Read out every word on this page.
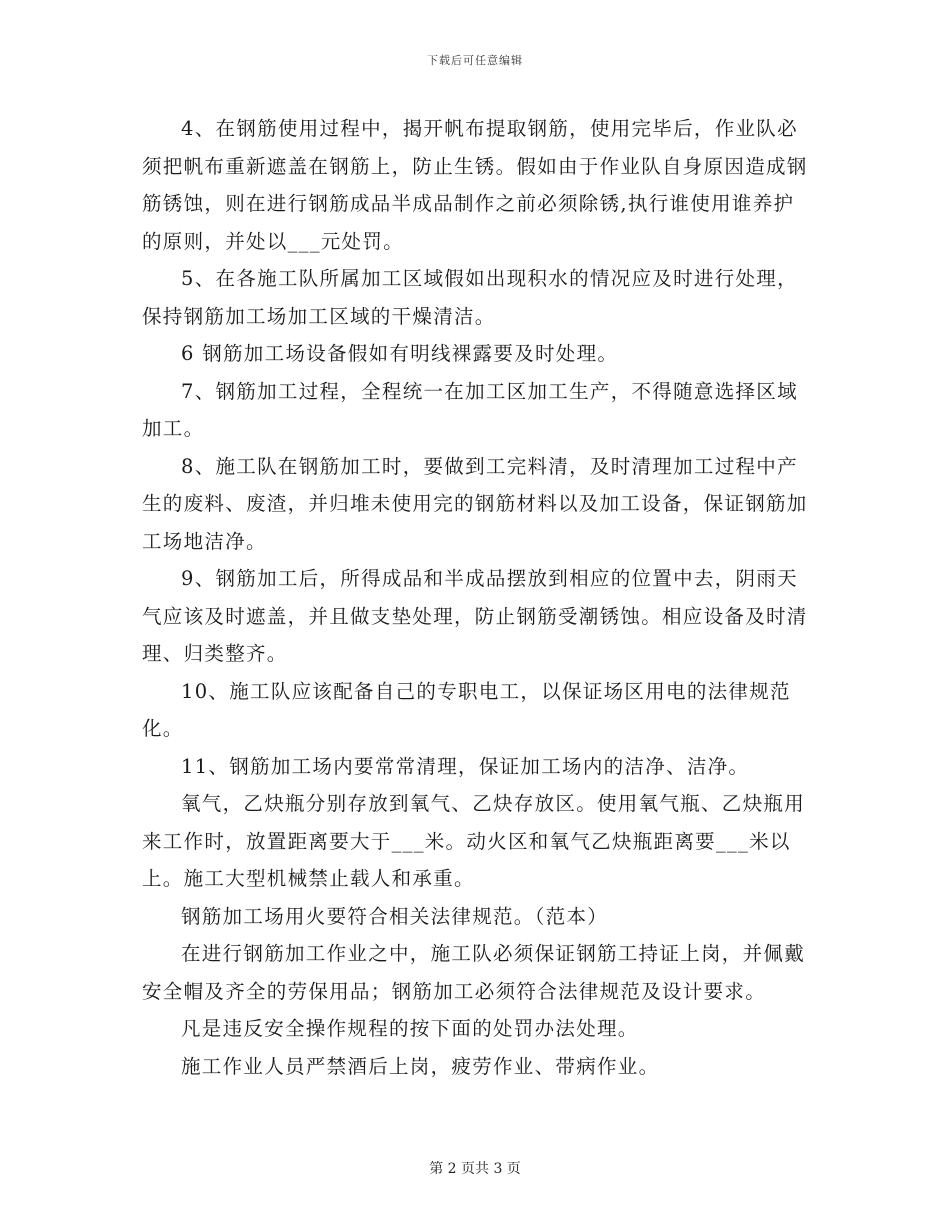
下载后可任意编辑

4、在钢筋使用过程中，揭开帆布提取钢筋，使用完毕后，作业队必须把帆布重新遮盖在钢筋上，防止生锈。假如由于作业队自身原因造成钢筋锈蚀，则在进行钢筋成品半成品制作之前必须除锈,执行谁使用谁养护的原则，并处以___元处罚。

5、在各施工队所属加工区域假如出现积水的情况应及时进行处理，保持钢筋加工场加工区域的干燥清洁。

6 钢筋加工场设备假如有明线裸露要及时处理。

7、钢筋加工过程，全程统一在加工区加工生产，不得随意选择区域加工。

8、施工队在钢筋加工时，要做到工完料清，及时清理加工过程中产生的废料、废渣，并归堆未使用完的钢筋材料以及加工设备，保证钢筋加工场地洁净。

9、钢筋加工后，所得成品和半成品摆放到相应的位置中去，阴雨天气应该及时遮盖，并且做支垫处理，防止钢筋受潮锈蚀。相应设备及时清理、归类整齐。

10、施工队应该配备自己的专职电工，以保证场区用电的法律规范化。

11、钢筋加工场内要常常清理，保证加工场内的洁净、洁净。

氧气，乙炔瓶分别存放到氧气、乙炔存放区。使用氧气瓶、乙炔瓶用来工作时，放置距离要大于___米。动火区和氧气乙炔瓶距离要___米以上。施工大型机械禁止载人和承重。

钢筋加工场用火要符合相关法律规范。（范本）

在进行钢筋加工作业之中，施工队必须保证钢筋工持证上岗，并佩戴安全帽及齐全的劳保用品；钢筋加工必须符合法律规范及设计要求。

凡是违反安全操作规程的按下面的处罚办法处理。

施工作业人员严禁酒后上岗，疲劳作业、带病作业。

第 2 页共 3 页
